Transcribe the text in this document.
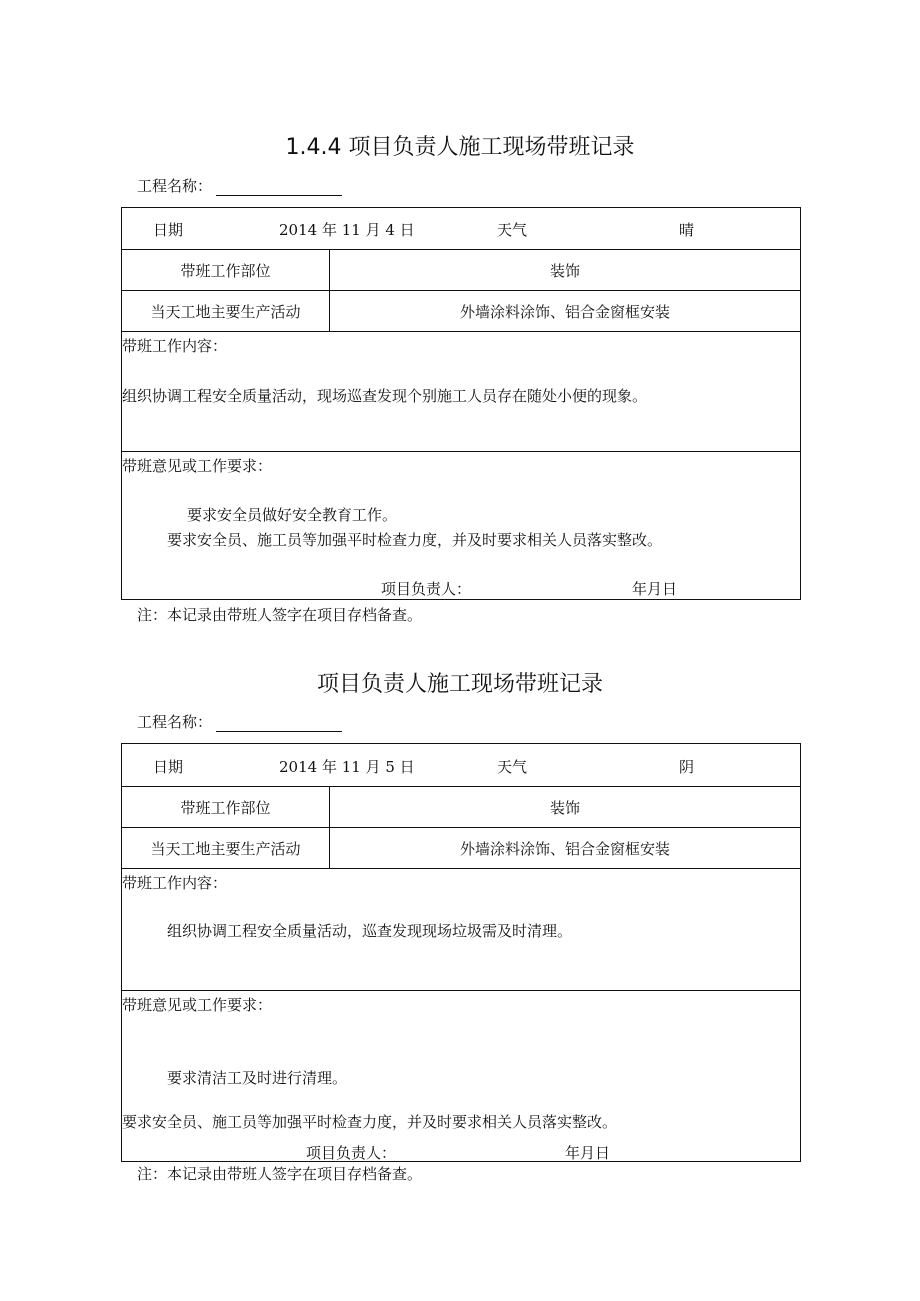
1.4.4 项目负责人施工现场带班记录
工程名称：
日期 2014 年 11 月 4 日 天气 晴	

带班工作部位	装饰
当天工地主要生产活动	外墙涂料涂饰、铝合金窗框安装

带班工作内容：
组织协调工程安全质量活动，现场巡查发现个别施工人员存在随处小便的现象。	

带班意见或工作要求：
要求安全员做好安全教育工作。
要求安全员、施工员等加强平时检查力度，并及时要求相关人员落实整改。
项目负责人： 年月日	
注：本记录由带班人签字在项目存档备查。
项目负责人施工现场带班记录
工程名称：
日期 2014 年 11 月 5 日 天气 阴	

带班工作部位	装饰
当天工地主要生产活动	外墙涂料涂饰、铝合金窗框安装

带班工作内容：
组织协调工程安全质量活动，巡查发现现场垃圾需及时清理。	

带班意见或工作要求：
要求清洁工及时进行清理。
要求安全员、施工员等加强平时检查力度，并及时要求相关人员落实整改。
项目负责人： 年月日	
注：本记录由带班人签字在项目存档备查。
